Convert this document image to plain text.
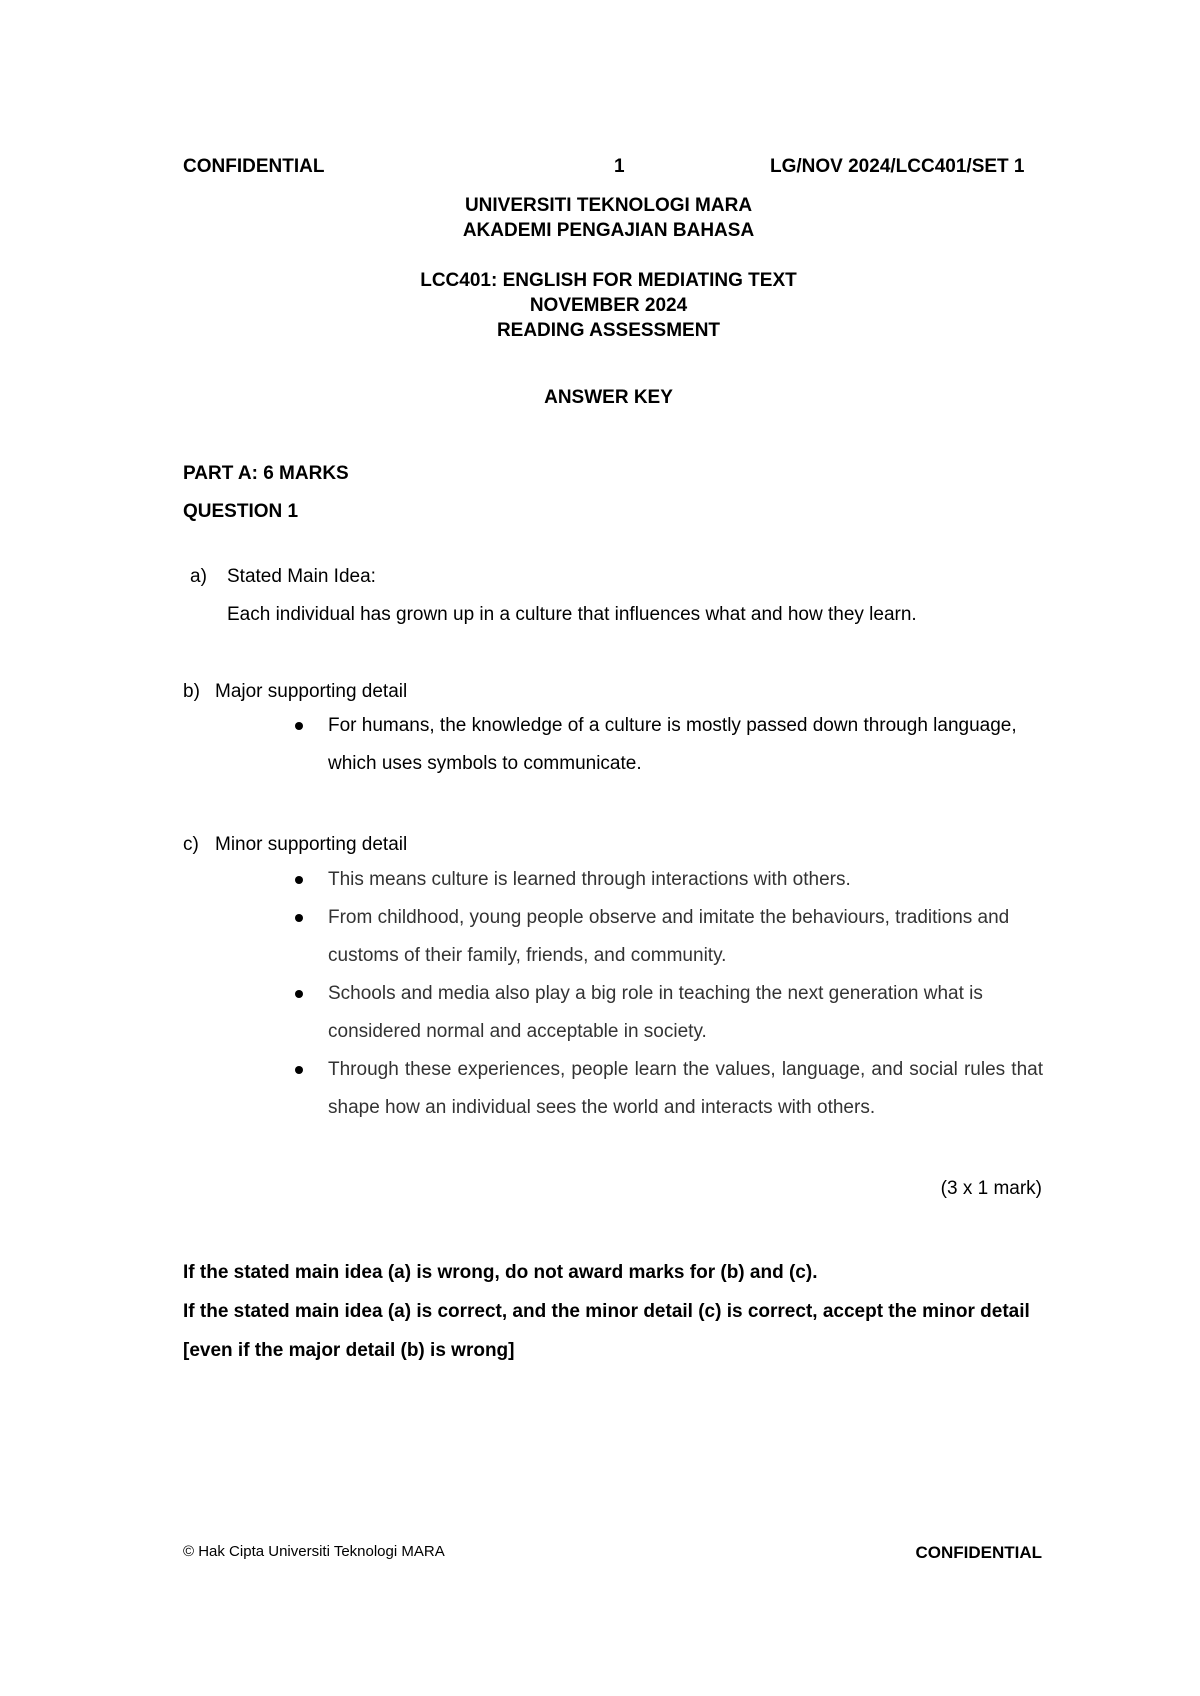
CONFIDENTIAL	1	LG/NOV 2024/LCC401/SET 1
UNIVERSITI TEKNOLOGI MARA
AKADEMI PENGAJIAN BAHASA
LCC401: ENGLISH FOR MEDIATING TEXT
NOVEMBER 2024
READING ASSESSMENT
ANSWER KEY
PART A: 6 MARKS
QUESTION 1
a) Stated Main Idea:
Each individual has grown up in a culture that influences what and how they learn.
b) Major supporting detail
For humans, the knowledge of a culture is mostly passed down through language, which uses symbols to communicate.
c) Minor supporting detail
This means culture is learned through interactions with others.
From childhood, young people observe and imitate the behaviours, traditions and customs of their family, friends, and community.
Schools and media also play a big role in teaching the next generation what is considered normal and acceptable in society.
Through these experiences, people learn the values, language, and social rules that shape how an individual sees the world and interacts with others.
(3 x 1 mark)
If the stated main idea (a) is wrong, do not award marks for (b) and (c).
If the stated main idea (a) is correct, and the minor detail (c) is correct, accept the minor detail [even if the major detail (b) is wrong]
© Hak Cipta Universiti Teknologi MARA	CONFIDENTIAL
